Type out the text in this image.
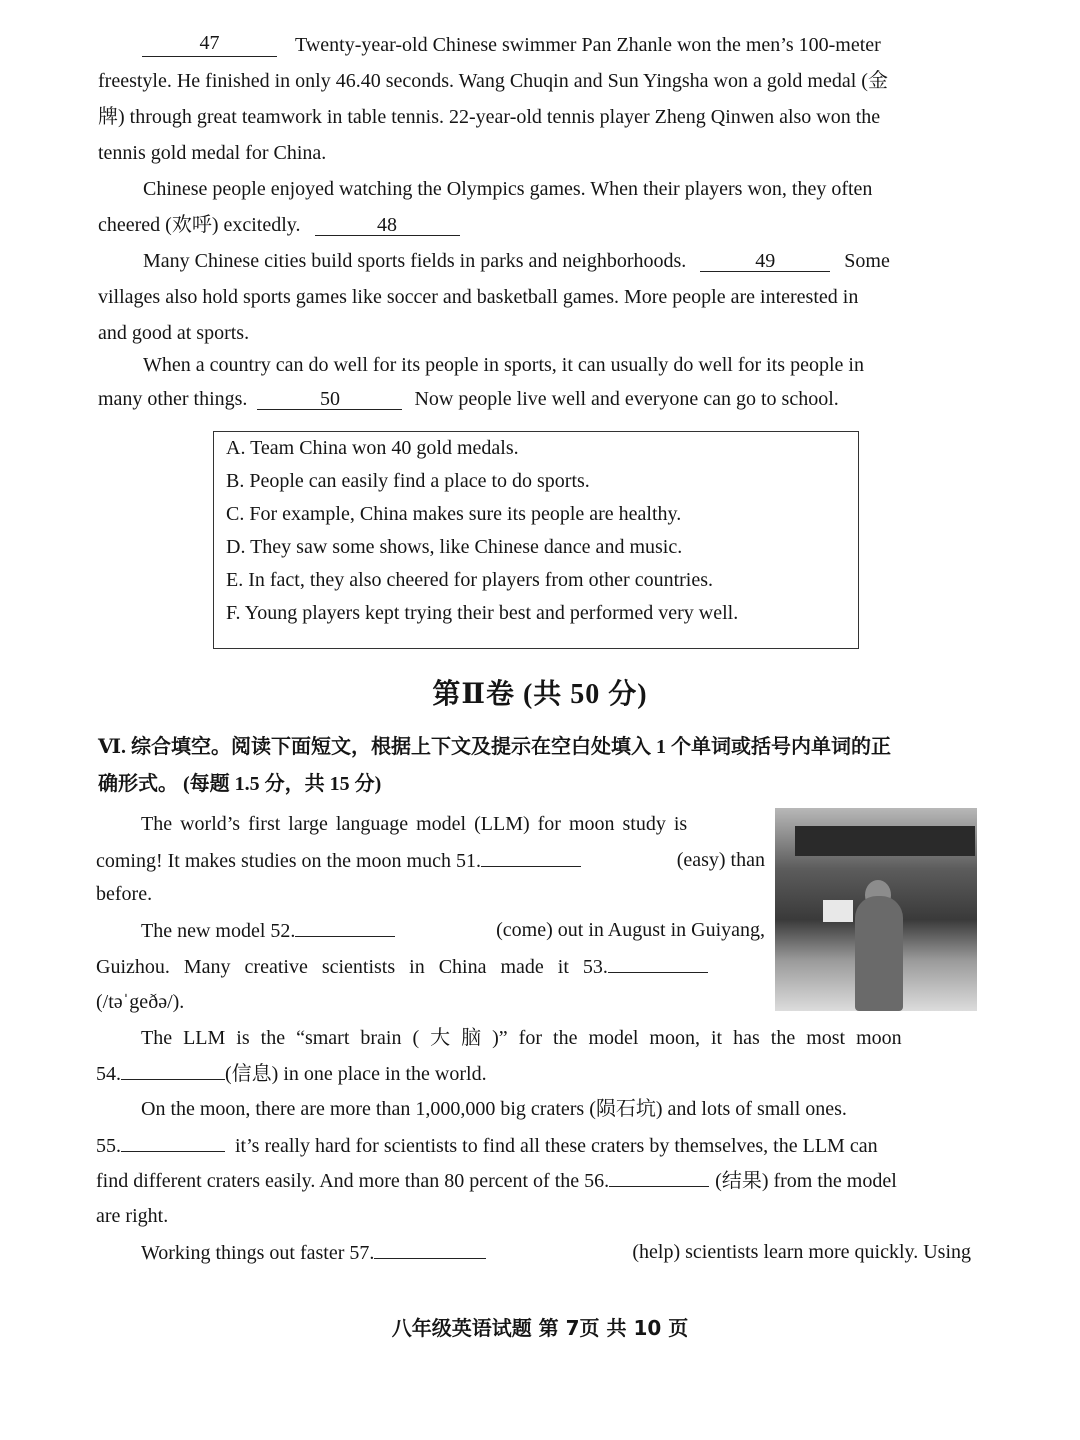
47	Twenty-year-old Chinese swimmer Pan Zhanle won the men’s 100-meter
freestyle. He finished in only 46.40 seconds. Wang Chuqin and Sun Yingsha won a gold medal (金
牌) through great teamwork in table tennis. 22-year-old tennis player Zheng Qinwen also won the
tennis gold medal for China.
Chinese people enjoyed watching the Olympics games. When their players won, they often
cheered (欢呼) excitedly.	48
Many Chinese cities build sports fields in parks and neighborhoods.	49	Some
villages also hold sports games like soccer and basketball games. More people are interested in
and good at sports.
When a country can do well for its people in sports, it can usually do well for its people in
many other things.	50	Now people live well and everyone can go to school.
A. Team China won 40 gold medals.
B. People can easily find a place to do sports.
C. For example, China makes sure its people are healthy.
D. They saw some shows, like Chinese dance and music.
E. In fact, they also cheered for players from other countries.
F. Young players kept trying their best and performed very well.
第Ⅱ卷 (共 50 分)
Ⅵ. 综合填空。阅读下面短文，根据上下文及提示在空白处填入 1 个单词或括号内单词的正
确形式。 (每题 1.5 分，共 15 分)
The world’s first large language model (LLM) for moon study is
coming! It makes studies on the moon much 51.	(easy) than
before.
The new model 52.	(come) out in August in Guiyang,
Guizhou. Many creative scientists in China made it 53.
(/təˈgeðə/).
The LLM is the “smart brain ( 大 脑 )” for the model moon, it has the most moon
54.	(信息) in one place in the world.
On the moon, there are more than 1,000,000 big craters (陨石坑) and lots of small ones.
55.	it’s really hard for scientists to find all these craters by themselves, the LLM can
find different craters easily. And more than 80 percent of the 56.	(结果) from the model
are right.
Working things out faster 57.	(help) scientists learn more quickly. Using
八年级英语试题 第 7页 共 10 页
